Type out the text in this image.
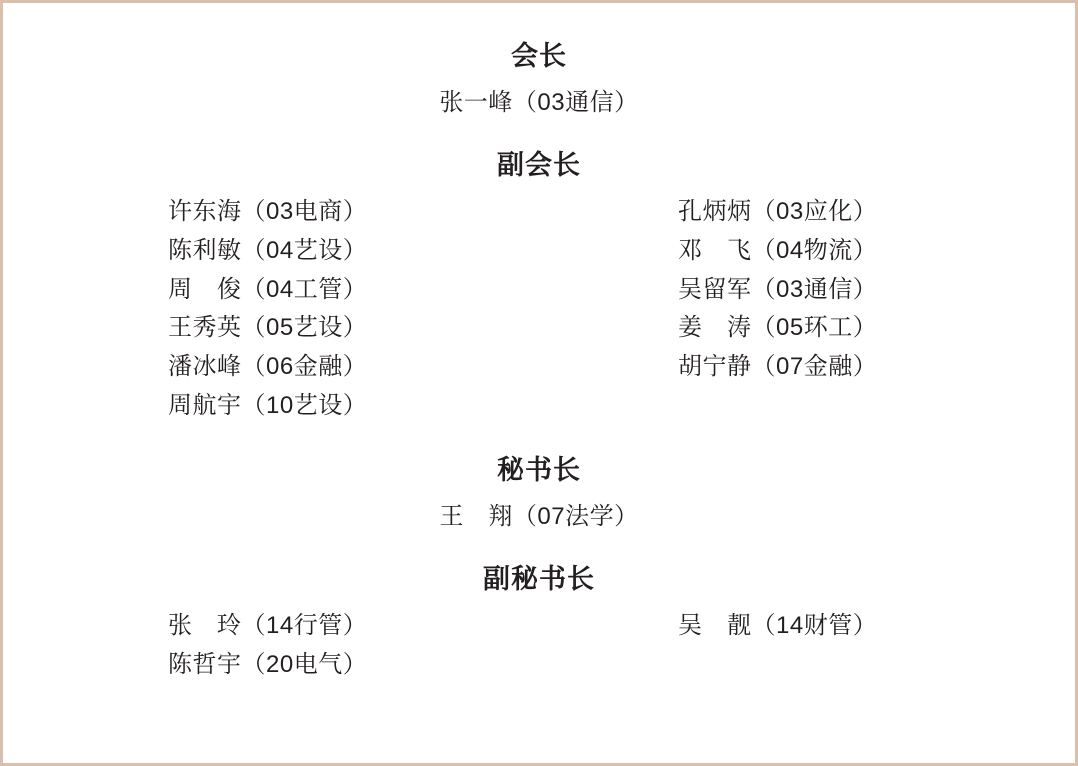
会长
张一峰（03通信）
副会长
许东海（03电商）	孔炳炳（03应化）
陈利敏（04艺设）	邓　飞（04物流）
周　俊（04工管）	吴留军（03通信）
王秀英（05艺设）	姜　涛（05环工）
潘冰峰（06金融）	胡宁静（07金融）
周航宇（10艺设）
秘书长
王　翔（07法学）
副秘书长
张　玲（14行管）	吴　靓（14财管）
陈哲宇（20电气）
